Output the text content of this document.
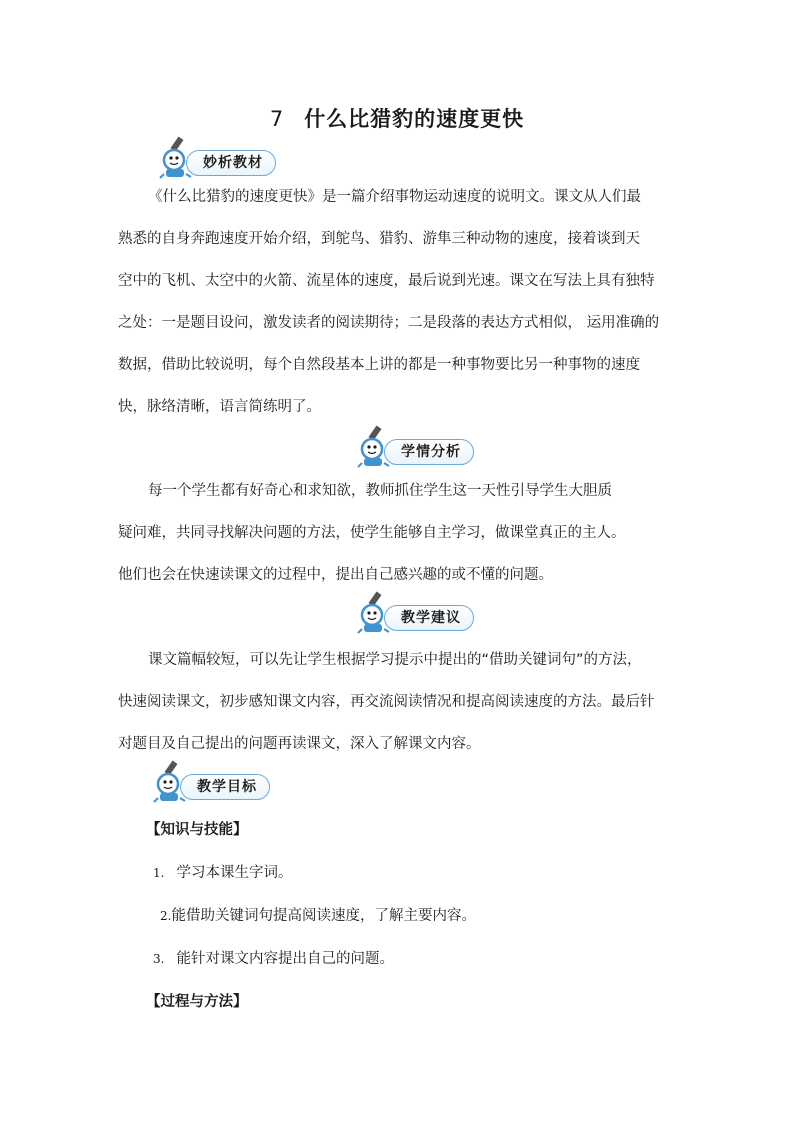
7 什么比猎豹的速度更快
妙析教材

《什么比猎豹的速度更快》是一篇介绍事物运动速度的说明文。课文从人们最

熟悉的自身奔跑速度开始介绍，到鸵鸟、猎豹、游隼三种动物的速度，接着谈到天

空中的飞机、太空中的火箭、流星体的速度，最后说到光速。课文在写法上具有独特

之处：一是题目设问，激发读者的阅读期待；二是段落的表达方式相似， 运用准确的

数据，借助比较说明，每个自然段基本上讲的都是一种事物要比另一种事物的速度

快，脉络清晰，语言简练明了。

学情分析

每一个学生都有好奇心和求知欲，教师抓住学生这一天性引导学生大胆质

疑问难，共同寻找解决问题的方法，使学生能够自主学习，做课堂真正的主人。

他们也会在快速读课文的过程中，提出自己感兴趣的或不懂的问题。

教学建议

课文篇幅较短，可以先让学生根据学习提示中提出的“借助关键词句”的方法，

快速阅读课文，初步感知课文内容，再交流阅读情况和提高阅读速度的方法。最后针

对题目及自己提出的问题再读课文，深入了解课文内容。

教学目标
【知识与技能】
1. 学习本课生字词。
2.能借助关键词句提高阅读速度，了解主要内容。
3. 能针对课文内容提出自己的问题。
【过程与方法】
